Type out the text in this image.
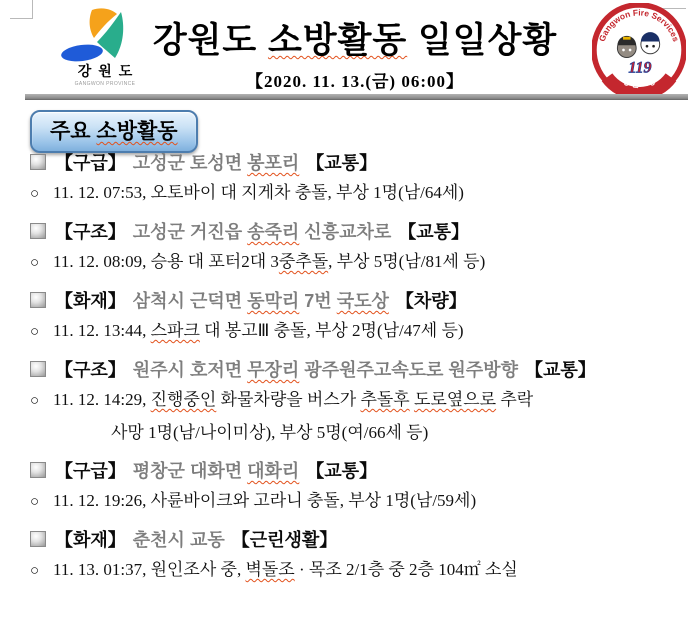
강원도
GANGWON PROVINCE
강원도 소방활동 일일상황
【2020. 11. 13.(금) 06:00】
Gangwon Fire Services
119
강원소방
주요 소방활동
【구급】 고성군 토성면 봉포리 【교통】
○ 11. 12. 07:53, 오토바이 대 지게차 충돌, 부상 1명(남/64세)
【구조】 고성군 거진읍 송죽리 신흥교차로 【교통】
○ 11. 12. 08:09, 승용 대 포터2대 3중추돌, 부상 5명(남/81세 등)
【화재】 삼척시 근덕면 동막리 7번 국도상 【차량】
○ 11. 12. 13:44, 스파크 대 봉고Ⅲ 충돌, 부상 2명(남/47세 등)
【구조】 원주시 호저면 무장리 광주원주고속도로 원주방향 【교통】
○ 11. 12. 14:29, 진행중인 화물차량을 버스가 추돌후 도로옆으로 추락
사망 1명(남/나이미상), 부상 5명(여/66세 등)
【구급】 평창군 대화면 대화리 【교통】
○ 11. 12. 19:26, 사륜바이크와 고라니 충돌, 부상 1명(남/59세)
【화재】 춘천시 교동 【근린생활】
○ 11. 13. 01:37, 원인조사 중, 벽돌조 · 목조 2/1층 중 2층 104㎡ 소실
